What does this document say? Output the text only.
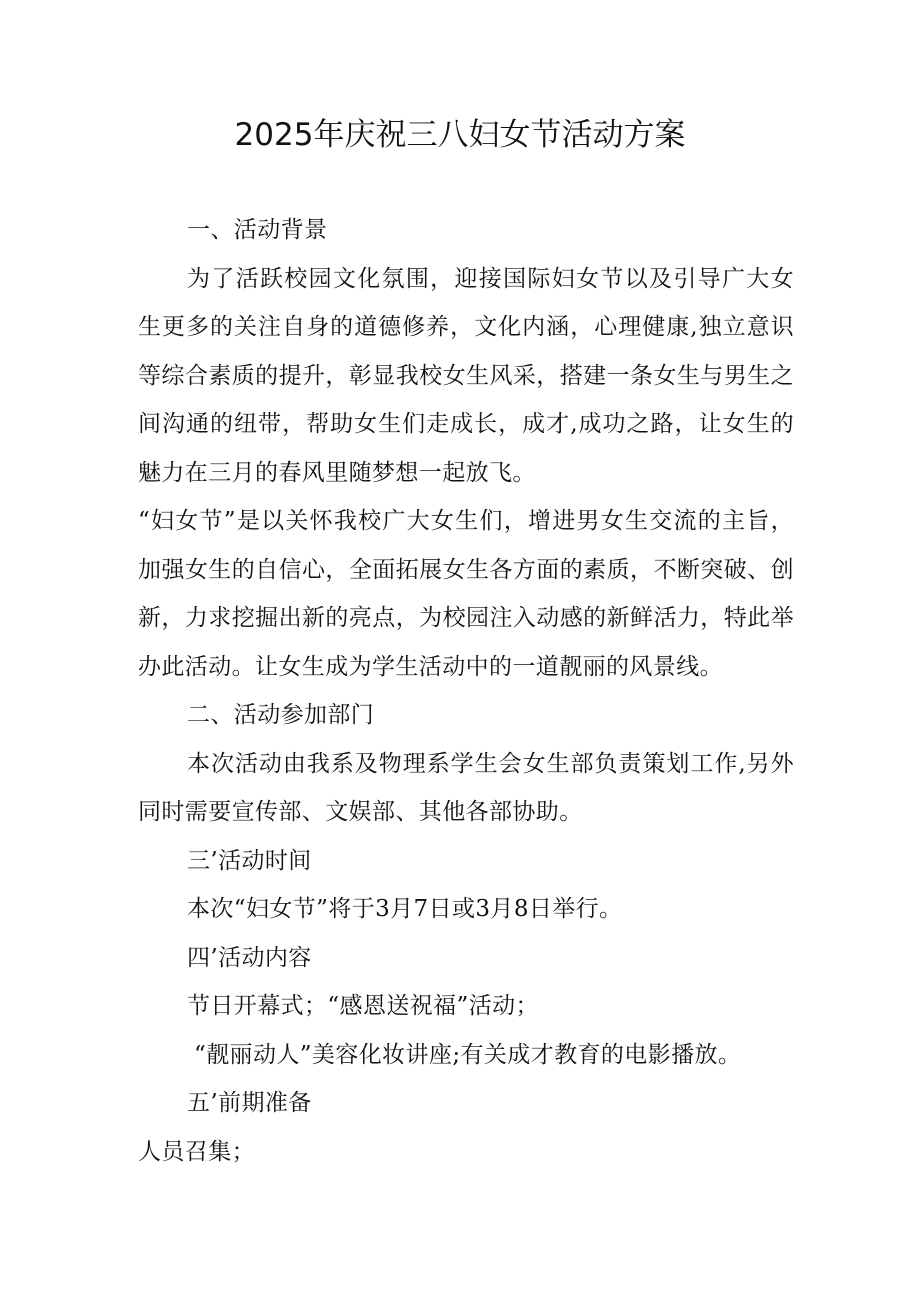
2025年庆祝三八妇女节活动方案

一、活动背景

为了活跃校园文化氛围，迎接国际妇女节以及引导广大女生更多的关注自身的道德修养，文化内涵，心理健康,独立意识等综合素质的提升，彰显我校女生风采，搭建一条女生与男生之间沟通的纽带，帮助女生们走成长，成才,成功之路，让女生的魅力在三月的春风里随梦想一起放飞。

“妇女节”是以关怀我校广大女生们，增进男女生交流的主旨，加强女生的自信心，全面拓展女生各方面的素质，不断突破、创新，力求挖掘出新的亮点，为校园注入动感的新鲜活力，特此举办此活动。让女生成为学生活动中的一道靓丽的风景线。

二、活动参加部门

本次活动由我系及物理系学生会女生部负责策划工作,另外同时需要宣传部、文娱部、其他各部协助。

三’活动时间

本次“妇女节”将于3月7日或3月8日举行。

四’活动内容

节日开幕式；“感恩送祝福”活动；

“靓丽动人”美容化妆讲座;有关成才教育的电影播放。

五’前期准备

人员召集；
